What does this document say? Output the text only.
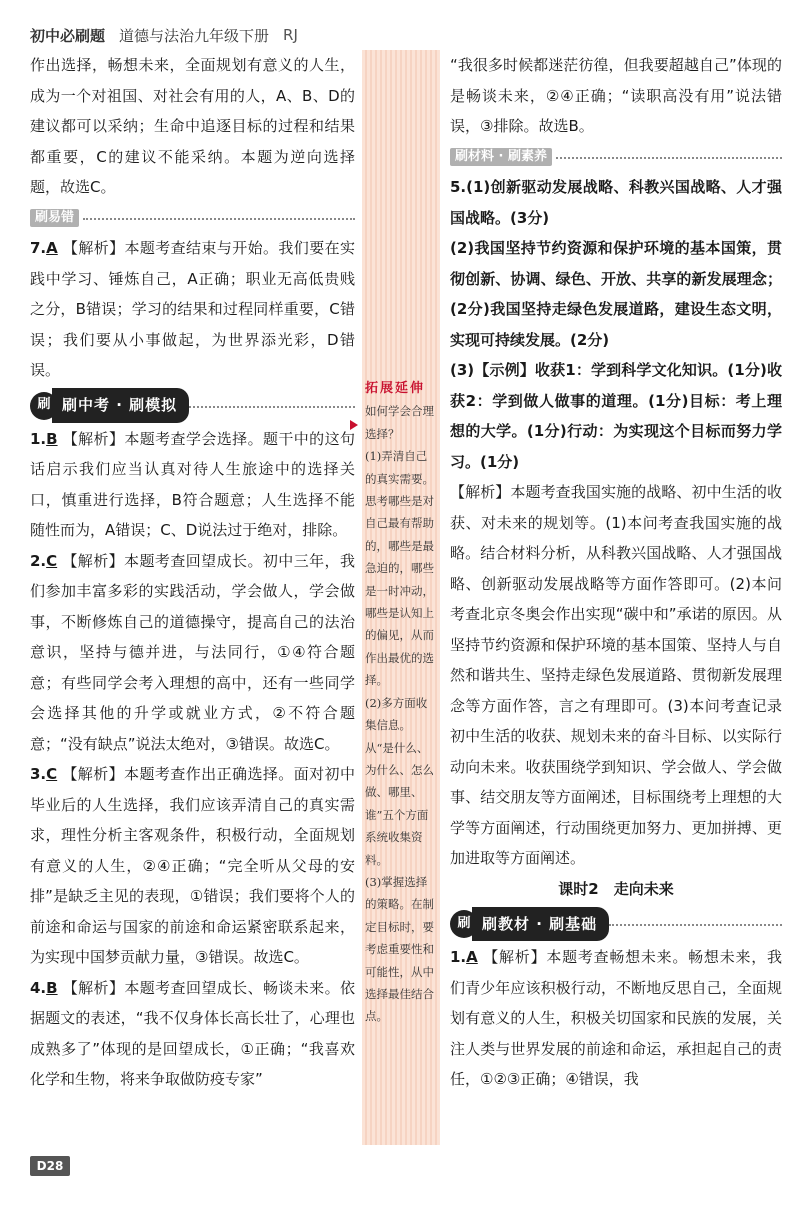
初中必刷题 道德与法治九年级下册 RJ

作出选择，畅想未来，全面规划有意义的人生，成为一个对祖国、对社会有用的人，A、B、D的建议都可以采纳；生命中追逐目标的过程和结果都重要，C的建议不能采纳。本题为逆向选择题，故选C。

刷易错

7.A 【解析】本题考查结束与开始。我们要在实践中学习、锤炼自己，A正确；职业无高低贵贱之分，B错误；学习的结果和过程同样重要，C错误；我们要从小事做起，为世界添光彩，D错误。

刷 刷中考 · 刷模拟

1.B 【解析】本题考查学会选择。题干中的这句话启示我们应当认真对待人生旅途中的选择关口，慎重进行选择，B符合题意；人生选择不能随性而为，A错误；C、D说法过于绝对，排除。

2.C 【解析】本题考查回望成长。初中三年，我们参加丰富多彩的实践活动，学会做人，学会做事，不断修炼自己的道德操守，提高自己的法治意识，坚持与德并进，与法同行，①④符合题意；有些同学会考入理想的高中，还有一些同学会选择其他的升学或就业方式，②不符合题意；“没有缺点”说法太绝对，③错误。故选C。

3.C 【解析】本题考查作出正确选择。面对初中毕业后的人生选择，我们应该弄清自己的真实需求，理性分析主客观条件，积极行动，全面规划有意义的人生，②④正确；“完全听从父母的安排”是缺乏主见的表现，①错误；我们要将个人的前途和命运与国家的前途和命运紧密联系起来，为实现中国梦贡献力量，③错误。故选C。

4.B 【解析】本题考查回望成长、畅谈未来。依据题文的表述，“我不仅身体长高长壮了，心理也成熟多了”体现的是回望成长，①正确；“我喜欢化学和生物，将来争取做防疫专家”

拓展延伸

如何学会合理选择？

(1)弄清自己的真实需要。思考哪些是对自己最有帮助的，哪些是最急迫的，哪些是一时冲动，哪些是认知上的偏见，从而作出最优的选择。

(2)多方面收集信息。从“是什么、为什么、怎么做、哪里、谁”五个方面系统收集资料。

(3)掌握选择的策略。在制定目标时，要考虑重要性和可能性，从中选择最佳结合点。

“我很多时候都迷茫彷徨，但我要超越自己”体现的是畅谈未来，②④正确；“读职高没有用”说法错误，③排除。故选B。

刷材料 · 刷素养

5.(1)创新驱动发展战略、科教兴国战略、人才强国战略。(3分)

(2)我国坚持节约资源和保护环境的基本国策，贯彻创新、协调、绿色、开放、共享的新发展理念；(2分)我国坚持走绿色发展道路，建设生态文明，实现可持续发展。(2分)

(3)【示例】收获1：学到科学文化知识。(1分)收获2：学到做人做事的道理。(1分)目标：考上理想的大学。(1分)行动：为实现这个目标而努力学习。(1分)

【解析】本题考查我国实施的战略、初中生活的收获、对未来的规划等。(1)本问考查我国实施的战略。结合材料分析，从科教兴国战略、人才强国战略、创新驱动发展战略等方面作答即可。(2)本问考查北京冬奥会作出实现“碳中和”承诺的原因。从坚持节约资源和保护环境的基本国策、坚持人与自然和谐共生、坚持走绿色发展道路、贯彻新发展理念等方面作答，言之有理即可。(3)本问考查记录初中生活的收获、规划未来的奋斗目标、以实际行动向未来。收获围绕学到知识、学会做人、学会做事、结交朋友等方面阐述，目标围绕考上理想的大学等方面阐述，行动围绕更加努力、更加拼搏、更加进取等方面阐述。

课时2　走向未来

刷 刷教材 · 刷基础

1.A 【解析】本题考查畅想未来。畅想未来，我们青少年应该积极行动，不断地反思自己，全面规划有意义的人生，积极关切国家和民族的发展，关注人类与世界发展的前途和命运，承担起自己的责任，①②③正确；④错误，我

D28
